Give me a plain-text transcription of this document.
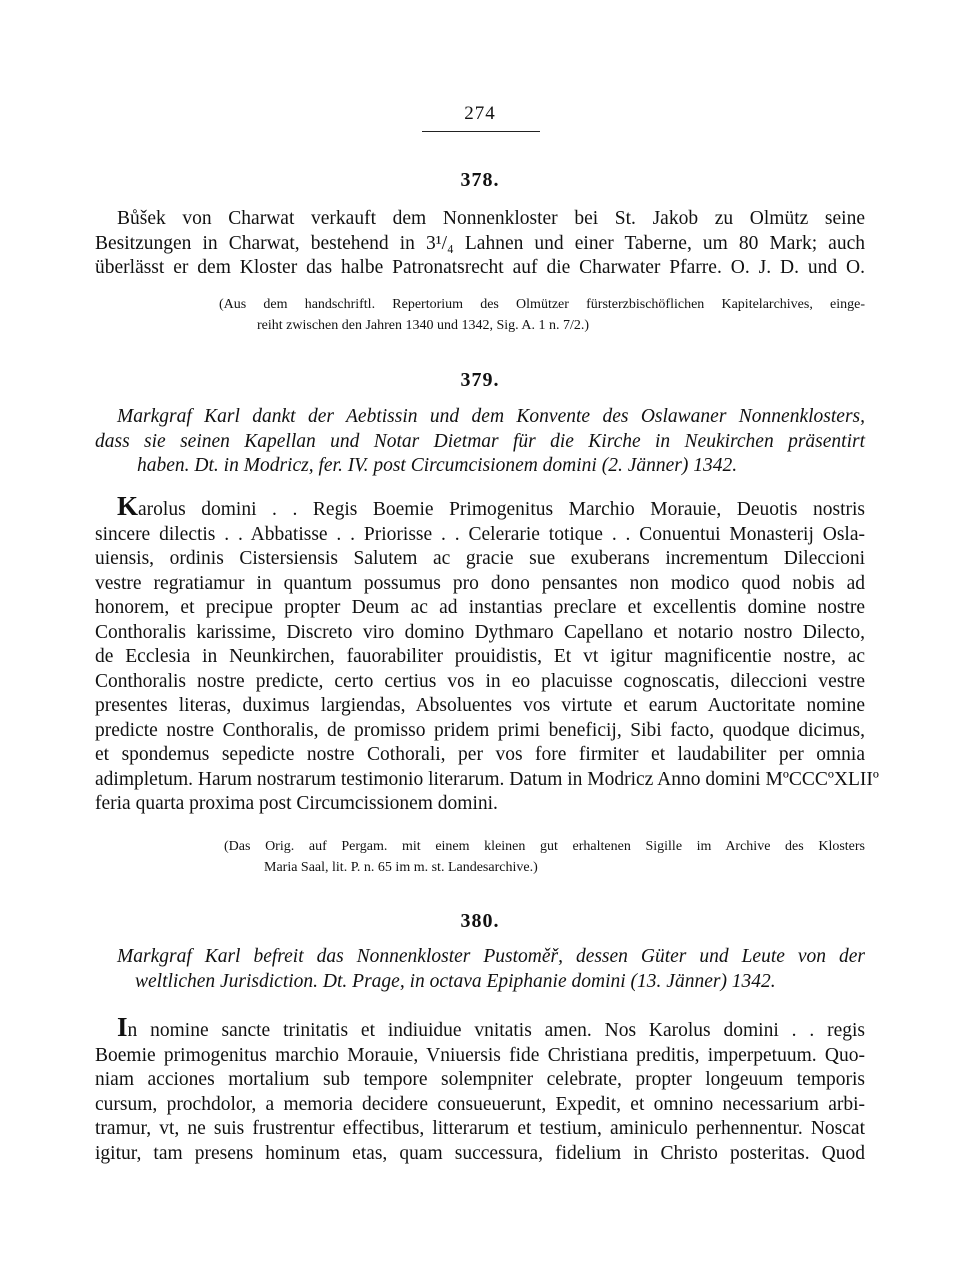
274
378.
Bůšek von Charwat verkauft dem Nonnenkloster bei St. Jakob zu Olmütz seine
Besitzungen in Charwat, bestehend in 3¹/₄ Lahnen und einer Taberne, um 80 Mark; auch
überlässt er dem Kloster das halbe Patronatsrecht auf die Charwater Pfarre. O. J. D. und O.
(Aus dem handschriftl. Repertorium des Olmützer fürsterzbischöflichen Kapitelarchives, einge-
reiht zwischen den Jahren 1340 und 1342, Sig. A. 1 n. 7/2.)
379.
Markgraf Karl dankt der Aebtissin und dem Konvente des Oslawaner Nonnenklosters,
dass sie seinen Kapellan und Notar Dietmar für die Kirche in Neukirchen präsentirt
haben. Dt. in Modricz, fer. IV. post Circumcisionem domini (2. Jänner) 1342.
Karolus domini . . Regis Boemie Primogenitus Marchio Morauie, Deuotis nostris
sincere dilectis . . Abbatisse . . Priorisse . . Celerarie totique . . Conuentui Monasterij Osla-
uiensis, ordinis Cistersiensis Salutem ac gracie sue exuberans incrementum Dileccioni
vestre regratiamur in quantum possumus pro dono pensantes non modico quod nobis ad
honorem, et precipue propter Deum ac ad instantias preclare et excellentis domine nostre
Conthoralis karissime, Discreto viro domino Dythmaro Capellano et notario nostro Dilecto,
de Ecclesia in Neunkirchen, fauorabiliter prouidistis, Et vt igitur magnificentie nostre, ac
Conthoralis nostre predicte, certo certius vos in eo placuisse cognoscatis, dileccioni vestre
presentes literas, duximus largiendas, Absoluentes vos virtute et earum Auctoritate nomine
predicte nostre Conthoralis, de promisso pridem primi beneficij, Sibi facto, quodque dicimus,
et spondemus sepedicte nostre Cothorali, per vos fore firmiter et laudabiliter per omnia
adimpletum. Harum nostrarum testimonio literarum. Datum in Modricz Anno domini MºCCCºXLIIº
feria quarta proxima post Circumcissionem domini.
(Das Orig. auf Pergam. mit einem kleinen gut erhaltenen Sigille im Archive des Klosters
Maria Saal, lit. P. n. 65 im m. st. Landesarchive.)
380.
Markgraf Karl befreit das Nonnenkloster Pustoměř, dessen Güter und Leute von der
weltlichen Jurisdiction. Dt. Prage, in octava Epiphanie domini (13. Jänner) 1342.
In nomine sancte trinitatis et indiuidue vnitatis amen. Nos Karolus domini . . regis
Boemie primogenitus marchio Morauie, Vniuersis fide Christiana preditis, imperpetuum. Quo-
niam acciones mortalium sub tempore solempniter celebrate, propter longeuum temporis
cursum, prochdolor, a memoria decidere consueuerunt, Expedit, et omnino necessarium arbi-
tramur, vt, ne suis frustrentur effectibus, litterarum et testium, aminiculo perhennentur. Noscat
igitur, tam presens hominum etas, quam successura, fidelium in Christo posteritas. Quod
